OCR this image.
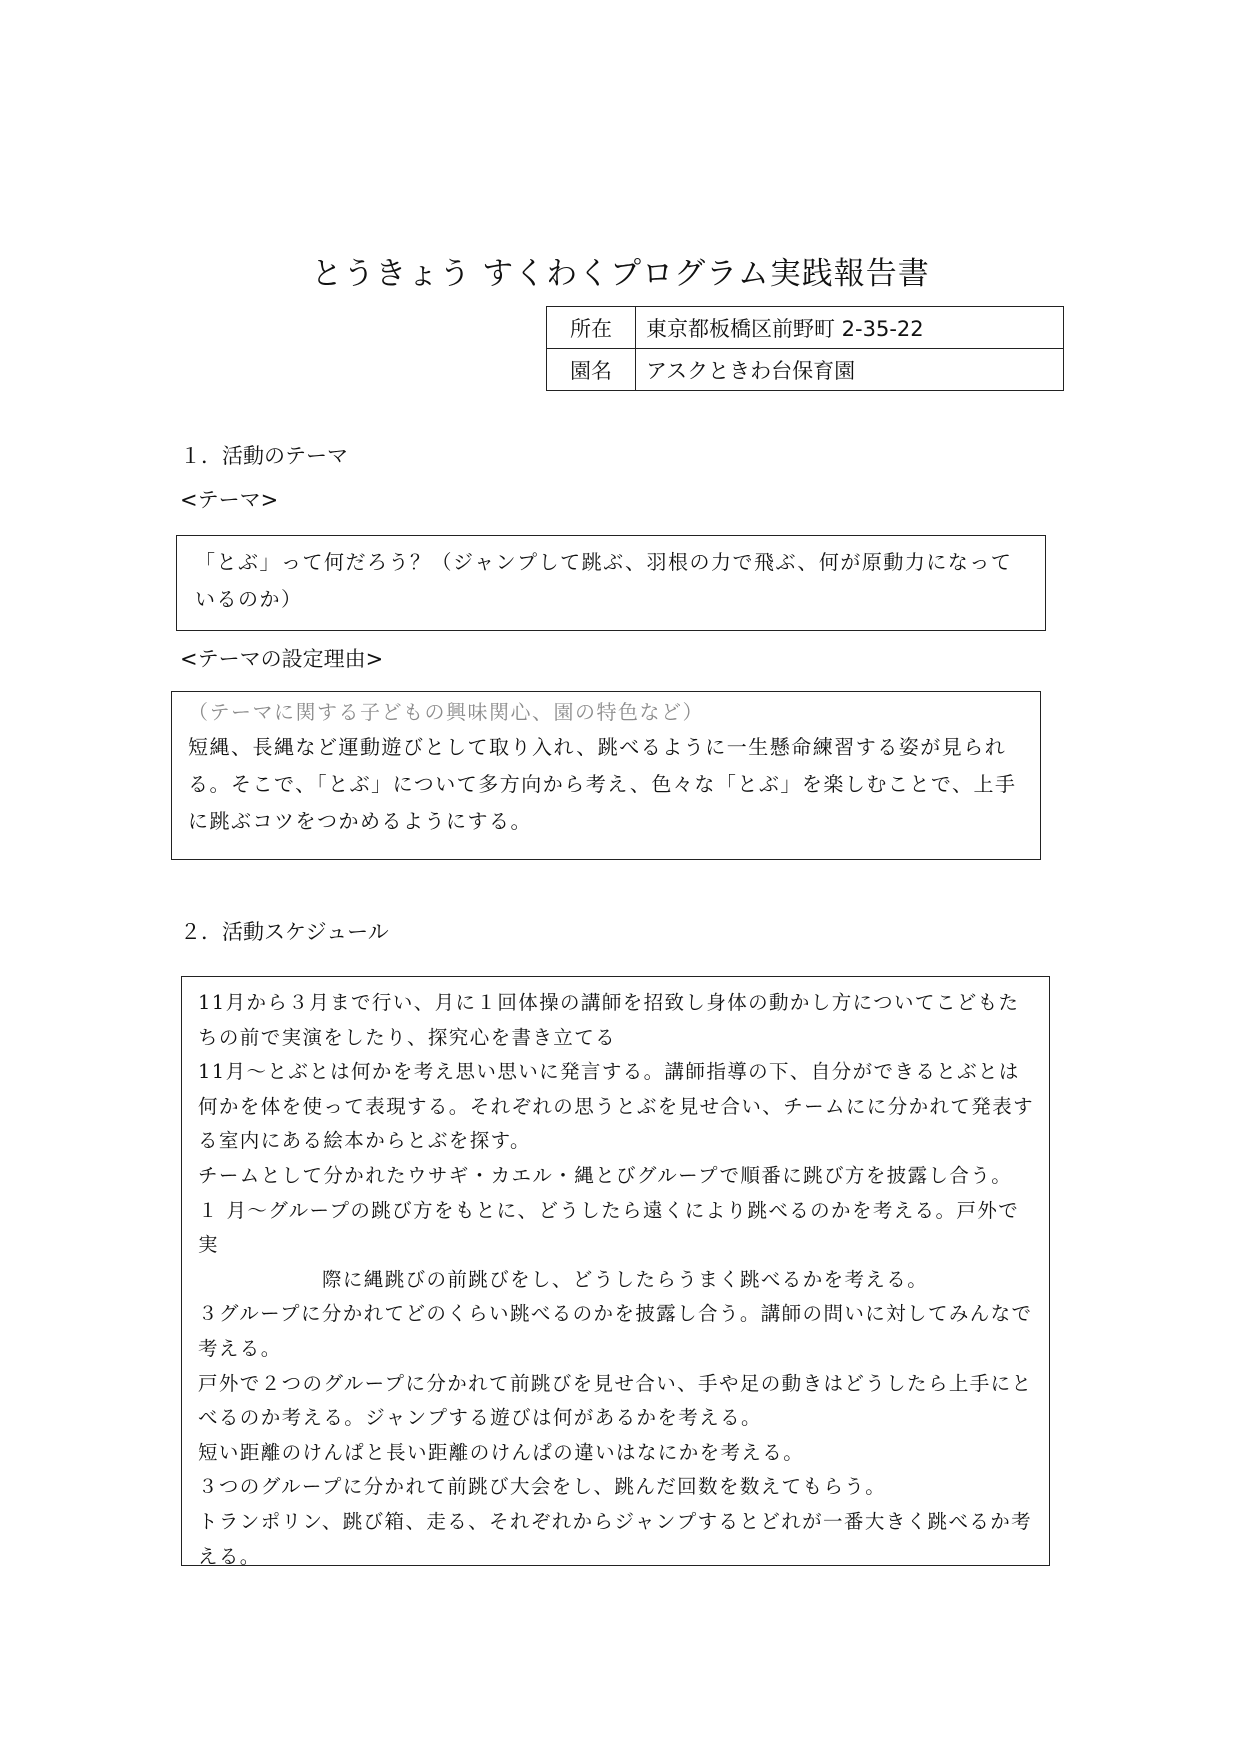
とうきょう すくわくプログラム実践報告書
所在	東京都板橋区前野町 2-35-22
園名	アスクときわ台保育園
１．活動のテーマ
<テーマ>
「とぶ」って何だろう？（ジャンプして跳ぶ、羽根の力で飛ぶ、何が原動力になっているのか）
<テーマの設定理由>
（テーマに関する子どもの興味関心、園の特色など）
短縄、長縄など運動遊びとして取り入れ、跳べるように一生懸命練習する姿が見られる。そこで、「とぶ」について多方向から考え、色々な「とぶ」を楽しむことで、上手に跳ぶコツをつかめるようにする。
２．活動スケジュール
11月から３月まで行い、月に１回体操の講師を招致し身体の動かし方についてこどもたちの前で実演をしたり、探究心を書き立てる
11月～とぶとは何かを考え思い思いに発言する。講師指導の下、自分ができるとぶとは何かを体を使って表現する。それぞれの思うとぶを見せ合い、チームにに分かれて発表する室内にある絵本からとぶを探す。
チームとして分かれたウサギ・カエル・縄とびグループで順番に跳び方を披露し合う。
１ 月～グループの跳び方をもとに、どうしたら遠くにより跳べるのかを考える。戸外で実
際に縄跳びの前跳びをし、どうしたらうまく跳べるかを考える。
３グループに分かれてどのくらい跳べるのかを披露し合う。講師の問いに対してみんなで考える。
戸外で２つのグループに分かれて前跳びを見せ合い、手や足の動きはどうしたら上手にとべるのか考える。ジャンプする遊びは何があるかを考える。
短い距離のけんぱと長い距離のけんぱの違いはなにかを考える。
３つのグループに分かれて前跳び大会をし、跳んだ回数を数えてもらう。
トランポリン、跳び箱、走る、それぞれからジャンプするとどれが一番大きく跳べるか考える。
